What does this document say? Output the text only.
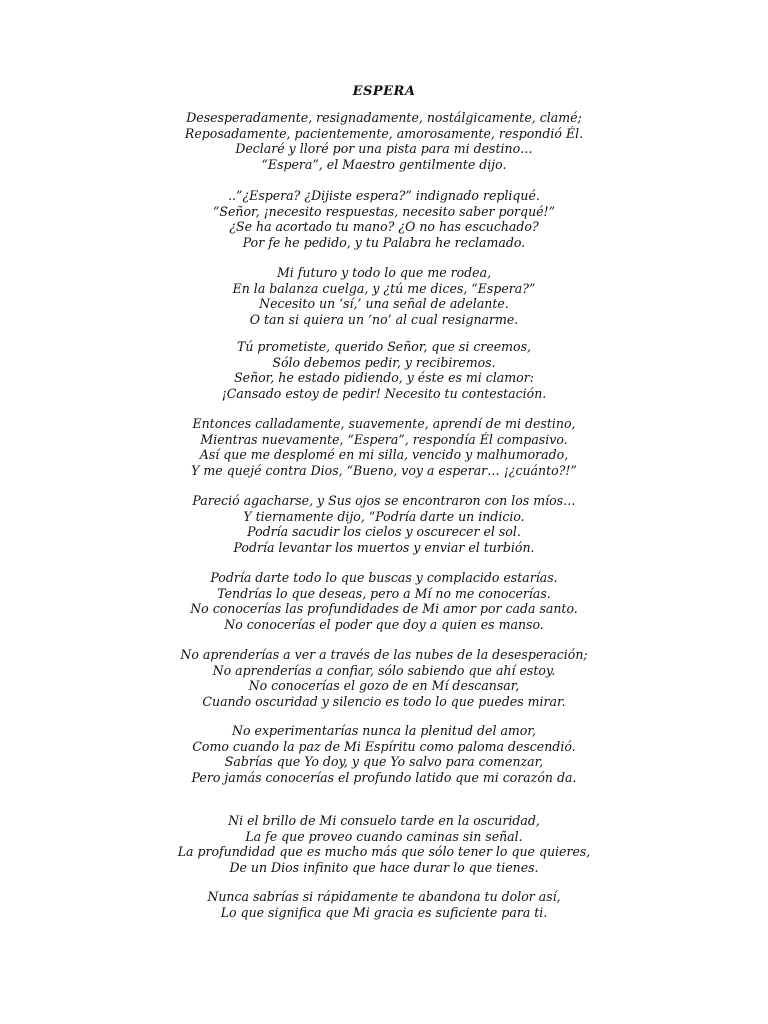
ESPERA
Desesperadamente, resignadamente, nostálgicamente, clamé;
Reposadamente, pacientemente, amorosamente, respondió Él.
Declaré y lloré por una pista para mi destino…
“Espera”, el Maestro gentilmente dijo.
..”¿Espera? ¿Dijiste espera?” indignado repliqué.
“Señor, ¡necesito respuestas, necesito saber porqué!”
¿Se ha acortado tu mano? ¿O no has escuchado?
Por fe he pedido, y tu Palabra he reclamado.
Mi futuro y todo lo que me rodea,
En la balanza cuelga, y ¿tú me dices, “Espera?”
Necesito un ‘sí,’ una señal de adelante.
O tan si quiera un ‘no’ al cual resignarme.
Tú prometiste, querido Señor, que si creemos,
Sólo debemos pedir, y recibiremos.
Señor, he estado pidiendo, y éste es mi clamor:
¡Cansado estoy de pedir! Necesito tu contestación.
Entonces calladamente, suavemente, aprendí de mi destino,
Mientras nuevamente, “Espera”, respondía Él compasivo.
Así que me desplomé en mi silla, vencido y malhumorado,
Y me quejé contra Dios, “Bueno, voy a esperar… ¡¿cuánto?!”
Pareció agacharse, y Sus ojos se encontraron con los míos…
Y tiernamente dijo, “Podría darte un indicio.
Podría sacudir los cielos y oscurecer el sol.
Podría levantar los muertos y enviar el turbión.
Podría darte todo lo que buscas y complacido estarías.
Tendrías lo que deseas, pero a Mí no me conocerías.
No conocerías las profundidades de Mi amor por cada santo.
No conocerías el poder que doy a quien es manso.
No aprenderías a ver a través de las nubes de la desesperación;
No aprenderías a confiar, sólo sabiendo que ahí estoy.
No conocerías el gozo de en Mí descansar,
Cuando oscuridad y silencio es todo lo que puedes mirar.
No experimentarías nunca la plenitud del amor,
Como cuando la paz de Mi Espíritu como paloma descendió.
Sabrías que Yo doy, y que Yo salvo para comenzar,
Pero jamás conocerías el profundo latido que mi corazón da.
Ni el brillo de Mi consuelo tarde en la oscuridad,
La fe que proveo cuando caminas sin señal.
La profundidad que es mucho más que sólo tener lo que quieres,
De un Dios infinito que hace durar lo que tienes.
Nunca sabrías si rápidamente te abandona tu dolor así,
Lo que significa que Mi gracia es suficiente para ti.
